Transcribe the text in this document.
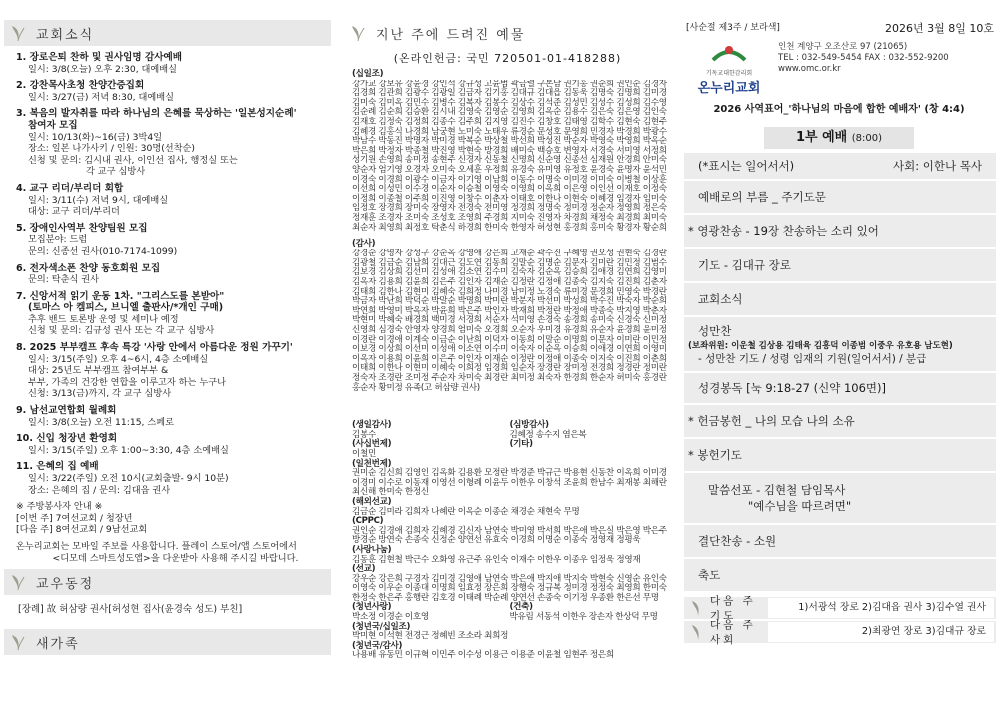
교회소식
1. 장로은퇴 찬하 및 권사임명 감사예배
일시: 3/8(오늘) 오후 2:30, 대예배실
2. 강찬목사초청 찬양간증집회
일시: 3/27(금) 저녁 8:30, 대예배실
3. 복음의 발자취를 따라 하나님의 은혜를 묵상하는 '일본성지순례'
참여자 모집
일시: 10/13(화)~16(금) 3박4일
장소: 일본 나가사키 / 인원: 30명(선착순)
신청 및 문의: 김시내 권사, 이인선 집사, 행정실 또는
각 교구 심방사
4. 교구 리더/부리더 회합
일시: 3/11(수) 저녁 9시, 대예배실
대상: 교구 리더/부리더
5. 장애인사역부 찬양팀원 모집
모집분야: 드럼
문의: 신종선 권사(010-7174-1099)
6. 전자색소폰 찬양 동호회원 모집
문의: 탁춘식 권사
7. 신앙서적 읽기 운동 1차. "그리스도를 본받아"
(토마스 아 켐피스, 브니엘 출판사/*개인 구매)
추후 밴드 토론방 운영 및 세미나 예정
신청 및 문의: 김규성 권사 또는 각 교구 심방사
8. 2025 부부캠프 후속 특강 '사랑 안에서 아름다운 정원 가꾸기'
일시: 3/15(주일) 오후 4~6시, 4층 소예배실
대상: 25년도 부부캠프 참여부부 &
부부, 가족의 건강한 연합을 이루고자 하는 누구나
신청: 3/13(금)까지, 각 교구 심방사
9. 남선교연합회 월례회
일시: 3/8(오늘) 오전 11:15, 스페로
10. 신입 청장년 환영회
일시: 3/15(주일) 오후 1:00~3:30, 4층 소예배실
11. 은혜의 집 예배
일시: 3/22(주일) 오전 10시(교회출발- 9시 10분)
장소: 은혜의 집 / 문의: 김대읍 권사
※ 주방봉사자 안내 ※
[이번 주] 7여선교회 / 청장년
[다음 주] 8여선교회 / 9남선교회
온누리교회는 모바일 주보를 사용합니다. 플레이 스토어/앱 스토어에서
<디모데 스마트성도앱>을 다운받아 사용해 주시길 바랍니다.
교우동정
[장례] 故 허삼량 권사[허성현 집사(윤경숙 성도) 부친]
새가족
지난 주에 드려진 예물
(온라인헌금: 국민 720501-01-418288)
(십일조)
강가교 강보유 강윤경 강인석 강규성 고윤범 곽금렬 구본남 권기홍 권순희 권인순 김경자 김경희 김관희 김광수 김광일 김금자 김기홍 김대규 김대읍 김동욱 김명숙 김명희 김미경 김미숙 김미옥 김민수 김병수 김복자 김봉수 김상수 김석준 김성민 김성수 김성희 김수영 김순례 김순희 김승환 김시내 김영숙 김영순 김영희 김옥순 김용수 김은숙 김은영 김인숙 김재호 김정숙 김정희 김종수 김주희 김지영 김진수 김창호 김태영 김학수 김현숙 김현주 김혜경 김홍식 나경희 남궁현 노미숙 노태우 류경순 문성호 문영희 민경자 박경희 박광수 박남수 박동진 박명자 박미경 박복순 박상철 박선희 박성진 박순자 박영숙 박영희 박옥순 박은희 박정자 박종철 박진영 박현숙 방경희 배미숙 백승호 변영자 서경숙 서미영 서정희 성기원 손영희 송미정 송현주 신경자 신동철 신명희 신순영 신종선 심재원 안경희 안미숙 양순자 엄기영 오경자 오미숙 오세훈 우정희 유경숙 유미영 유정호 윤경숙 윤명자 윤석민 이경숙 이경희 이광수 이금자 이기영 이남희 이동수 이명숙 이미경 이미숙 이병철 이상훈 이선희 이성민 이수경 이순자 이승철 이영숙 이영희 이옥희 이은영 이인선 이재호 이정숙 이정희 이종철 이주희 이진영 이창수 이춘자 이태호 이한나 이현숙 이혜경 임경자 임미숙 임정호 장경희 장미숙 장영자 전경숙 전미영 정경희 정명숙 정미경 정순자 정영희 정은숙 정재훈 조경자 조미숙 조성호 조영희 주경희 지미숙 진영자 차경희 채정숙 최경희 최미숙 최순자 최영희 최정호 탁춘식 하경희 한미숙 한영자 허성현 홍경희 홍미숙 황경자 황순희
(감사)
강경순 강명자 강성구 강순옥 강영애 강은희 고재순 곽수진 구혜영 권오성 권현숙 김경란 김광철 김금순 김남희 김대근 김도연 김동희 김말순 김명순 김문자 김미란 김민정 김범수 김보경 김상희 김선미 김성애 김소연 김수미 김숙자 김순옥 김승희 김애경 김연희 김영미 김옥자 김용희 김윤희 김은주 김인자 김재순 김정란 김정애 김종숙 김지숙 김진희 김춘자 김태희 김한나 김현미 김혜숙 김희정 나미경 남미정 노경숙 류미경 문경희 민영숙 박경란 박금자 박난희 박덕순 박말순 박명희 박미란 박분자 박선미 박성희 박수진 박숙자 박순희 박연희 박영미 박옥자 박윤희 박은주 박인자 박재희 박정란 박정애 박종숙 박지영 박춘자 박현미 박혜숙 배경희 백미경 서경희 서순자 석미영 손경숙 송경희 송미숙 신경숙 신미정 신영희 심경숙 안영자 양경희 엄미숙 오경희 오순자 우미경 유경희 유순자 윤경희 윤미정 이경란 이경애 이계숙 이금순 이난희 이덕자 이동희 이말순 이명희 이문자 이미란 이민정 이보경 이상희 이선미 이성애 이소연 이수미 이숙자 이순옥 이승희 이애경 이연희 이영미 이옥자 이용희 이윤희 이은주 이인자 이재순 이정란 이정애 이종숙 이지숙 이진희 이춘희 이태희 이한나 이현미 이혜숙 이희정 임경희 임순자 장경란 장미정 전경희 정경란 정미란 정숙자 조경란 조미정 주순자 차미숙 최경란 최미정 최숙자 한경희 한순자 허미숙 홍경란 홍순자 황미정 유족(고 허삼량 권사)
(생일감사)
김봉수
(심방감사)
김혜정 송수지 염은복
(사십번제)
이철민
(기타)
(일천번제)
권미순 김신희 김영인 김옥화 김용환 모정란 박경준 박규근 박용현 신동찬 이옥희 이미경 이경미 이수로 이동재 이영선 이형례 이윤두 이한우 이창석 조윤희 한남수 최재봉 최해란 최신해 한미숙 한정신
(해외선교)
김금순 김미라 김희자 나혜란 이옥순 이종순 채경순 채현숙 무명
(CPPC)
권인순 김경애 김희자 김혜경 김신자 남연숙 박미영 박서희 박은애 박은실 박은영 박은주 방경순 방연숙 손종숙 신정순 양연선 유효숙 이경희 이명순 이종숙 정영재 정평욱
(사랑나눔)
김동훈 김현철 박근수 오화영 유근주 유인숙 이재수 이한우 이종우 임정욱 정영재
(선교)
강우순 강은희 구경자 김미경 김영애 남연숙 박은애 박지애 박지숙 박현숙 신영순 유인숙 이영숙 이우순 이종대 이명희 임효정 장은희 장행숙 정규복 정미경 정정숙 최영희 한미숙 한정숙 한은주 홍행란 김호경 이태례 박순례 양연선 손종숙 이기정 우종환 한은선 무명
(청년사랑)
박소정 이경순 이호영
(건축)
박유림 서동석 이한우 장손자 한상덕 무명
(청년국/십일조)
박미현 이석현 전경근 정혜빈 조소라 최희정
(청년국/감사)
나용배 유동민 이규혁 이민주 이수성 이용근 이용준 이윤철 임현주 정은희
[사순절 제3주 / 보라색]	2026년 3월 8일 10호
기독교대한감리회
온누리교회
인천 계양구 오조산로 97 (21065)
TEL : 032-549-5454 FAX : 032-552-9200
www.omc.or.kr
2026 사역표어_'하나님의 마음에 합한 예배자' (창 4:4)
1부 예배 (8:00)
(*표시는 일어서서)	사회: 이한나 목사
예배로의 부름 _ 주기도문
* 영광찬송 - 19장 찬송하는 소리 있어
기도 - 김대규 장로
교회소식
성만찬
(보좌위원: 이운철 김상용 김태육 김흥덕 이종범 이중우 유호용 남도현)
- 성만찬 기도 / 성령 임재의 기원(일어서서) / 분급
성경봉독 [눅 9:18-27 (신약 106면)]
* 헌금봉헌 _ 나의 모습 나의 소유
* 봉헌기도
말씀선포 - 김현철 담임목사
"예수님을 따르려면"
결단찬송 - 소원
축도
다음 주 기도
1)서광석 장로 2)김대읍 권사 3)김수열 권사
다음 주 사회
2)최광연 장로 3)김대규 장로
